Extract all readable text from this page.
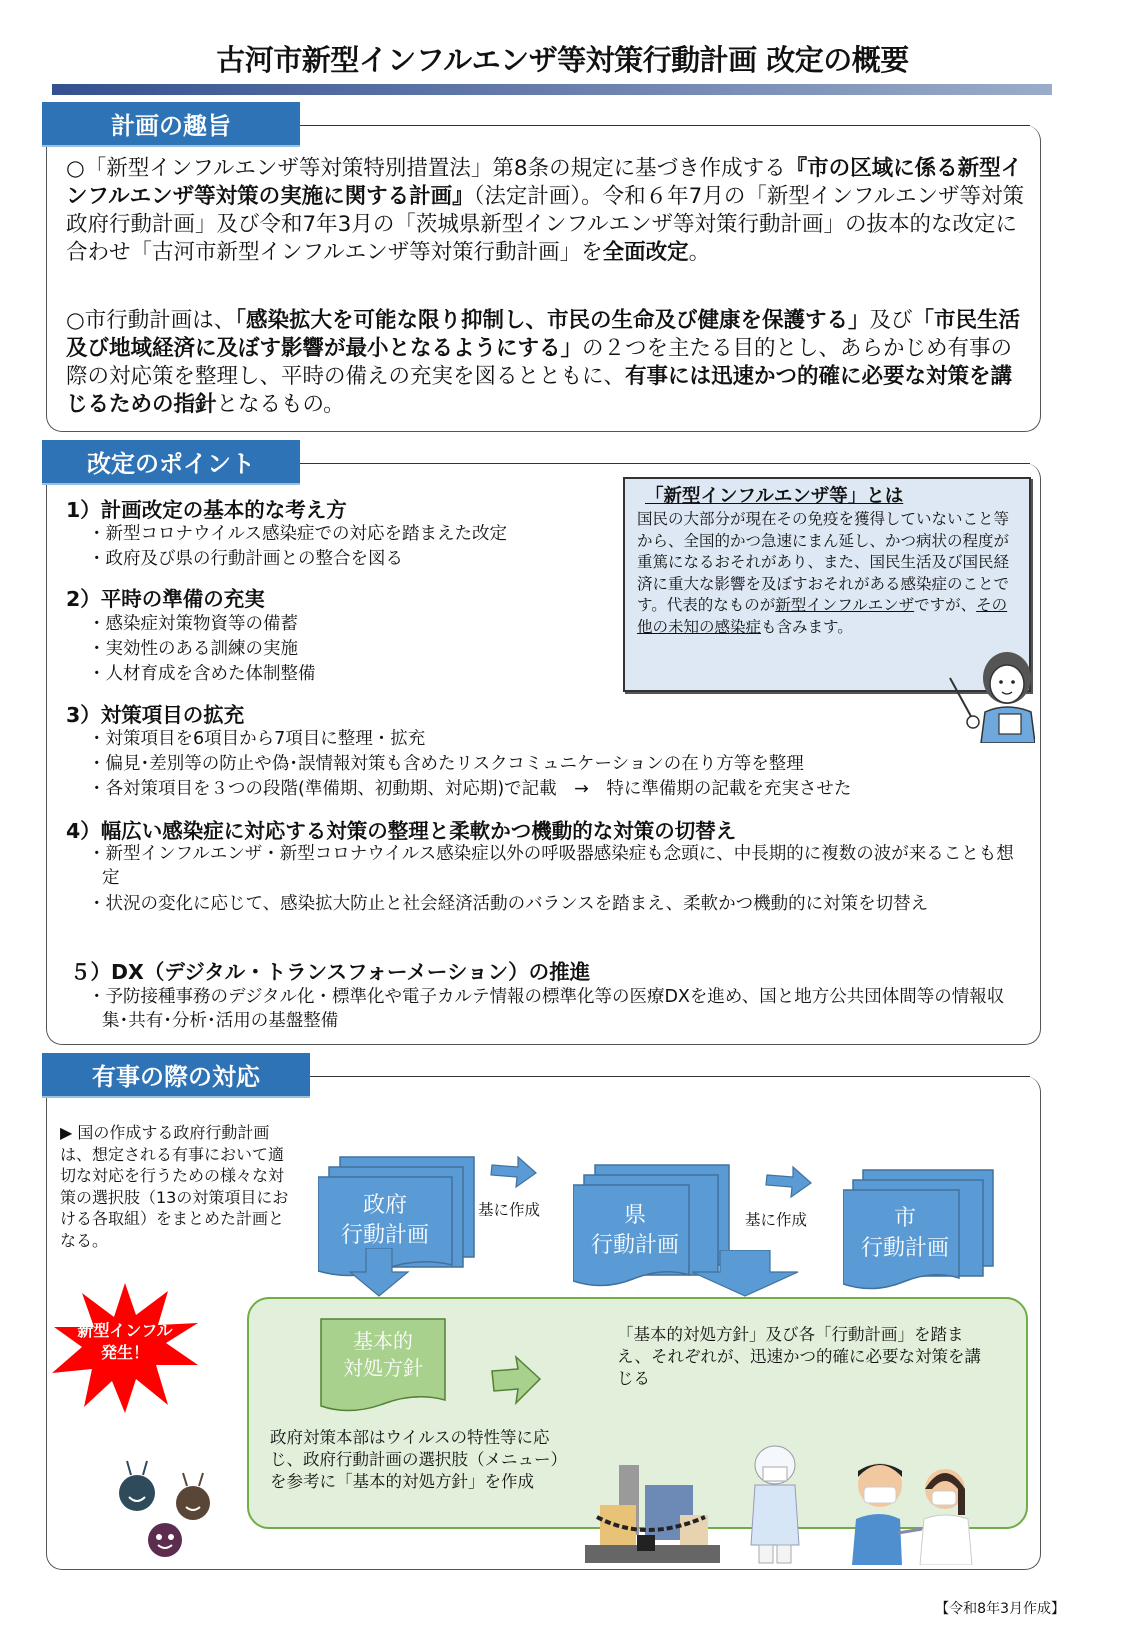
古河市新型インフルエンザ等対策行動計画 改定の概要
計画の趣旨
○「新型インフルエンザ等対策特別措置法」第8条の規定に基づき作成する『市の区域に係る新型インフルエンザ等対策の実施に関する計画』（法定計画）。令和６年7月の「新型インフルエンザ等対策政府行動計画」及び令和7年3月の「茨城県新型インフルエンザ等対策行動計画」の抜本的な改定に合わせ「古河市新型インフルエンザ等対策行動計画」を全面改定。
○市行動計画は、「感染拡大を可能な限り抑制し、市民の生命及び健康を保護する」及び「市民生活及び地域経済に及ぼす影響が最小となるようにする」の２つを主たる目的とし、あらかじめ有事の際の対応策を整理し、平時の備えの充実を図るとともに、有事には迅速かつ的確に必要な対策を講じるための指針となるもの。
改定のポイント
1）計画改定の基本的な考え方
・新型コロナウイルス感染症での対応を踏まえた改定
・政府及び県の行動計画との整合を図る
2）平時の準備の充実
・感染症対策物資等の備蓄
・実効性のある訓練の実施
・人材育成を含めた体制整備
3）対策項目の拡充
・対策項目を6項目から7項目に整理・拡充
・偏見･差別等の防止や偽･誤情報対策も含めたリスクコミュニケーションの在り方等を整理
・各対策項目を３つの段階(準備期、初動期、対応期)で記載　→　特に準備期の記載を充実させた
4）幅広い感染症に対応する対策の整理と柔軟かつ機動的な対策の切替え
・新型インフルエンザ・新型コロナウイルス感染症以外の呼吸器感染症も念頭に、中長期的に複数の波が来ることも想定
・状況の変化に応じて、感染拡大防止と社会経済活動のバランスを踏まえ、柔軟かつ機動的に対策を切替え
５）DX（デジタル・トランスフォーメーション）の推進
・予防接種事務のデジタル化・標準化や電子カルテ情報の標準化等の医療DXを進め、国と地方公共団体間等の情報収集･共有･分析･活用の基盤整備
「新型インフルエンザ等」とは
国民の大部分が現在その免疫を獲得していないこと等から、全国的かつ急速にまん延し、かつ病状の程度が重篤になるおそれがあり、また、国民生活及び国民経済に重大な影響を及ぼすおそれがある感染症のことです。代表的なものが新型インフルエンザですが、その他の未知の感染症も含みます。
有事の際の対応
▶ 国の作成する政府行動計画は、想定される有事において適切な対応を行うための様々な対策の選択肢（13の対策項目における各取組）をまとめた計画となる。
政府
行動計画
基に作成	県
行動計画
基に作成	市
行動計画
新型インフル
発生！	基本的
対処方針
「基本的対処方針」及び各「行動計画」を踏まえ、それぞれが、迅速かつ的確に必要な対策を講じる
政府対策本部はウイルスの特性等に応じ、政府行動計画の選択肢（メニュー）を参考に「基本的対処方針」を作成
【令和8年3月作成】
